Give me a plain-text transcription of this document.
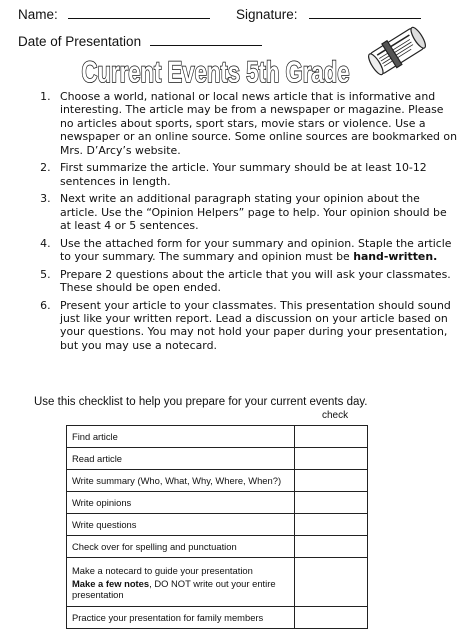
Name:	Signature:
Date of Presentation
Current Events 5th Grade
1. Choose a world, national or local news article that is informative and interesting. The article may be from a newspaper or magazine. Please no articles about sports, sport stars, movie stars or violence. Use a newspaper or an online source. Some online sources are bookmarked on Mrs. D’Arcy’s website.
2. First summarize the article. Your summary should be at least 10-12 sentences in length.
3. Next write an additional paragraph stating your opinion about the article. Use the “Opinion Helpers” page to help. Your opinion should be at least 4 or 5 sentences.
4. Use the attached form for your summary and opinion. Staple the article to your summary. The summary and opinion must be hand-written.
5. Prepare 2 questions about the article that you will ask your classmates. These should be open ended.
6. Present your article to your classmates. This presentation should sound just like your written report. Lead a discussion on your article based on your questions. You may not hold your paper during your presentation, but you may use a notecard.
Use this checklist to help you prepare for your current events day.
check
Find article	
Read article	
Write summary (Who, What, Why, Where, When?)	
Write opinions	
Write questions	
Check over for spelling and punctuation	
Make a notecard to guide your presentation
Make a few notes, DO NOT write out your entire presentation	

Practice your presentation for family members	
